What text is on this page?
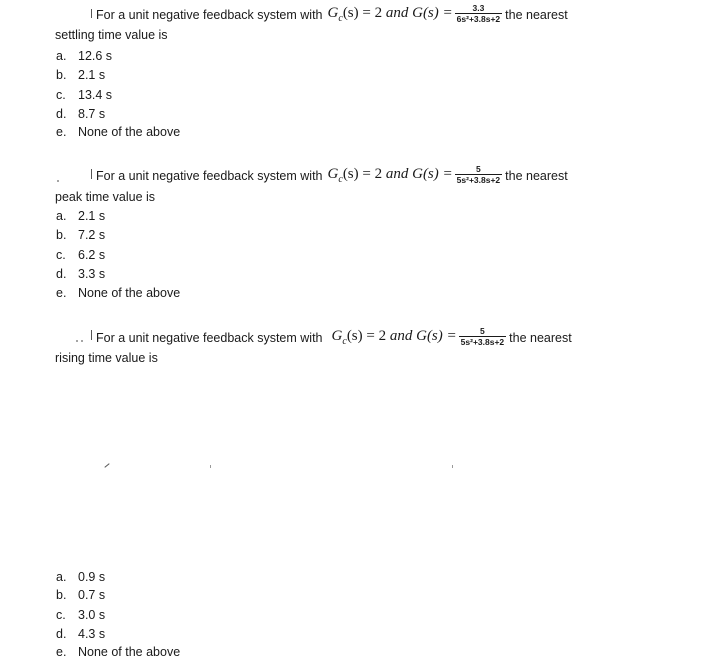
For a unit negative feedback system with $G_c(s) = 2$ and $G(s) = \frac{3.3}{\text{6s²+3.8s+2}}$ the nearest
settling time value is
a. 12.6 s
b. 2.1 s
c. 13.4 s
d. 8.7 s
e. None of the above
For a unit negative feedback system with $G_c(s) = 2$ and $G(s) = \frac{5}{\text{5s²+3.8s+2}}$ the nearest
peak time value is
a. 2.1 s
b. 7.2 s
c. 6.2 s
d. 3.3 s
e. None of the above
For a unit negative feedback system with $G_c(s) = 2$ and $G(s) = \frac{5}{\text{5s²+3.8s+2}}$ the nearest
rising time value is
a. 0.9 s
b. 0.7 s
c. 3.0 s
d. 4.3 s
e. None of the above
